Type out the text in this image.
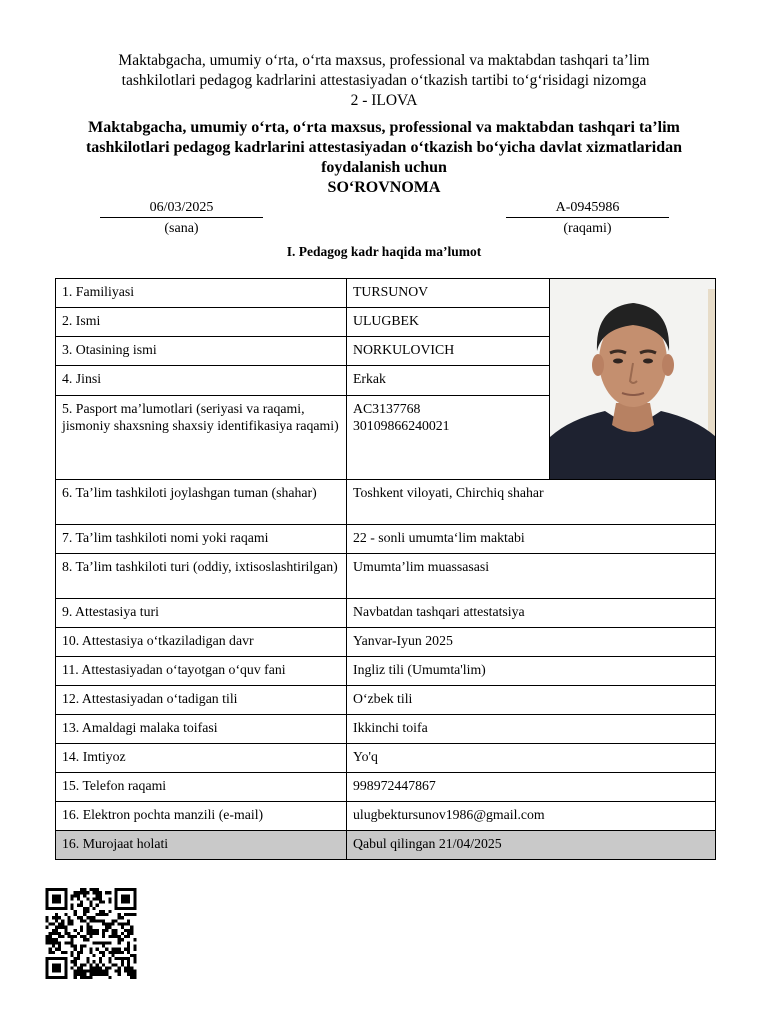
Maktabgacha, umumiy o‘rta, o‘rta maxsus, professional va maktabdan tashqari ta’lim
tashkilotlari pedagog kadrlarini attestasiyadan o‘tkazish tartibi to‘g‘risidagi nizomga
2 - ILOVA
Maktabgacha, umumiy o‘rta, o‘rta maxsus, professional va maktabdan tashqari ta’lim
tashkilotlari pedagog kadrlarini attestasiyadan o‘tkazish bo‘yicha davlat xizmatlaridan
foydalanish uchun
SO‘ROVNOMA
06/03/2025
(sana)
A-0945986
(raqami)
I. Pedagog kadr haqida ma’lumot
1. Familiyasi	TURSUNOV	

2. Ismi	ULUGBEK	
3. Otasining ismi	NORKULOVICH	
4. Jinsi	Erkak	
5. Pasport ma’lumotlari (seriyasi va raqami, jismoniy shaxsning shaxsiy identifikasiya raqami)	AC3137768
30109866240021	

6. Ta’lim tashkiloti joylashgan tuman (shahar)	Toshkent viloyati, Chirchiq shahar	
7. Ta’lim tashkiloti nomi yoki raqami	22 - sonli umumta‘lim maktabi	
8. Ta’lim tashkiloti turi (oddiy, ixtisoslashtirilgan)	Umumta’lim muassasasi	
9. Attestasiya turi	Navbatdan tashqari attestatsiya	
10. Attestasiya o‘tkaziladigan davr	Yanvar-Iyun 2025	
11. Attestasiyadan o‘tayotgan o‘quv fani	Ingliz tili (Umumta'lim)	
12. Attestasiyadan o‘tadigan tili	O‘zbek tili	
13. Amaldagi malaka toifasi	Ikkinchi toifa	
14. Imtiyoz	Yo'q	
15. Telefon raqami	998972447867	
16. Elektron pochta manzili (e-mail)	ulugbektursunov1986@gmail.com	
16. Murojaat holati	Qabul qilingan 21/04/2025	
